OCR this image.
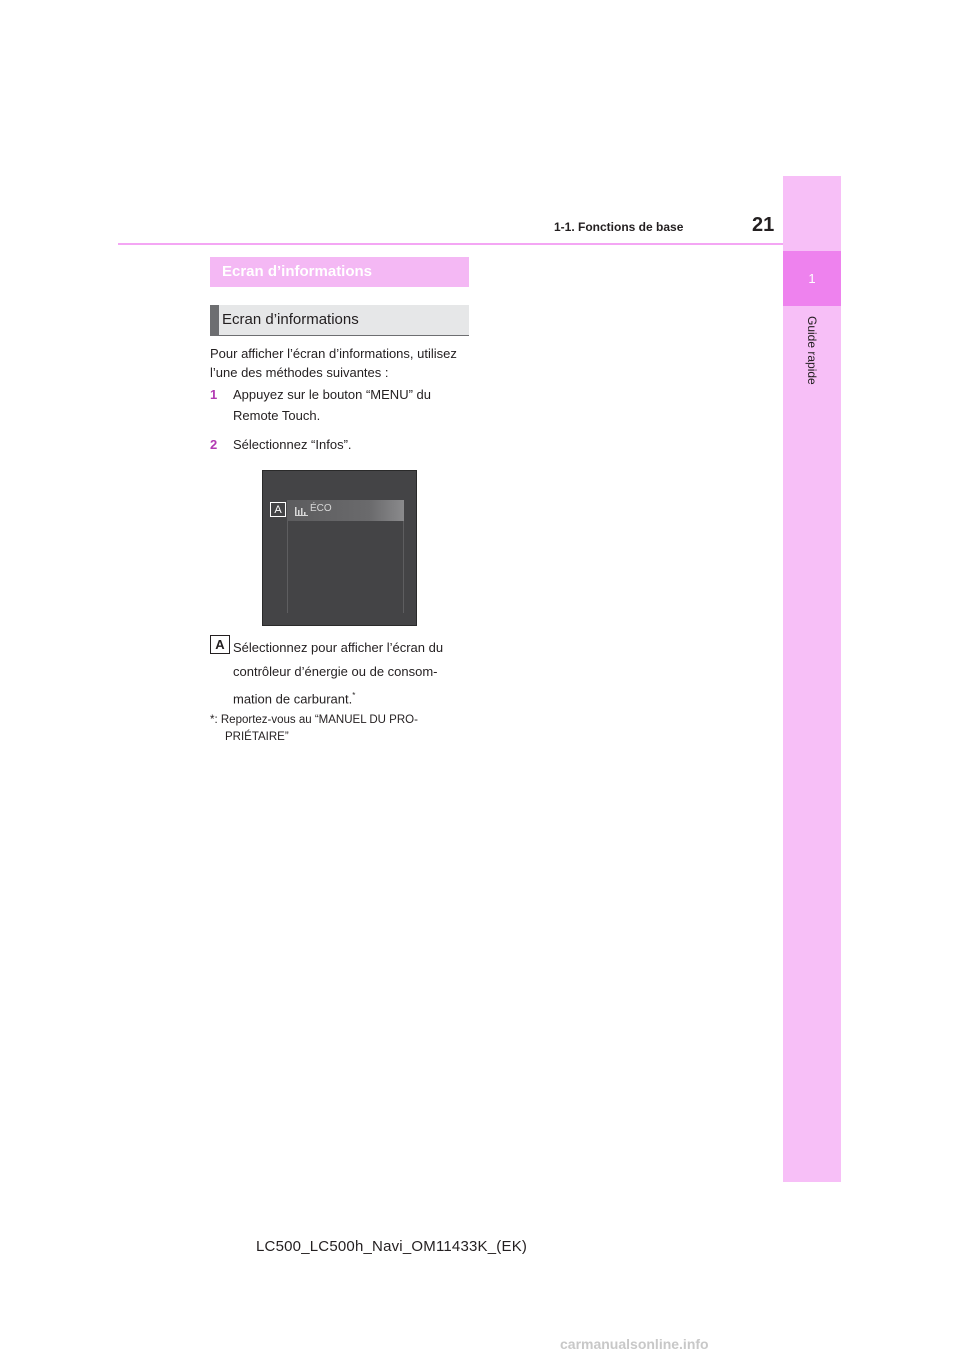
1
Guide rapide
1-1. Fonctions de base	21
Ecran d’informations
Ecran d’informations
Pour afficher l’écran d’informations, utilisez l’une des méthodes suivantes :
1	Appuyez sur le bouton “MENU” du Remote Touch.
2	Sélectionnez “Infos”.
A	ÉCO
A Sélectionnez pour afficher l’écran du contrôleur d’énergie ou de consom-mation de carburant.*
*: Reportez-vous au “MANUEL DU PRO-
PRIÉTAIRE”
LC500_LC500h_Navi_OM11433K_(EK)
carmanualsonline.info
